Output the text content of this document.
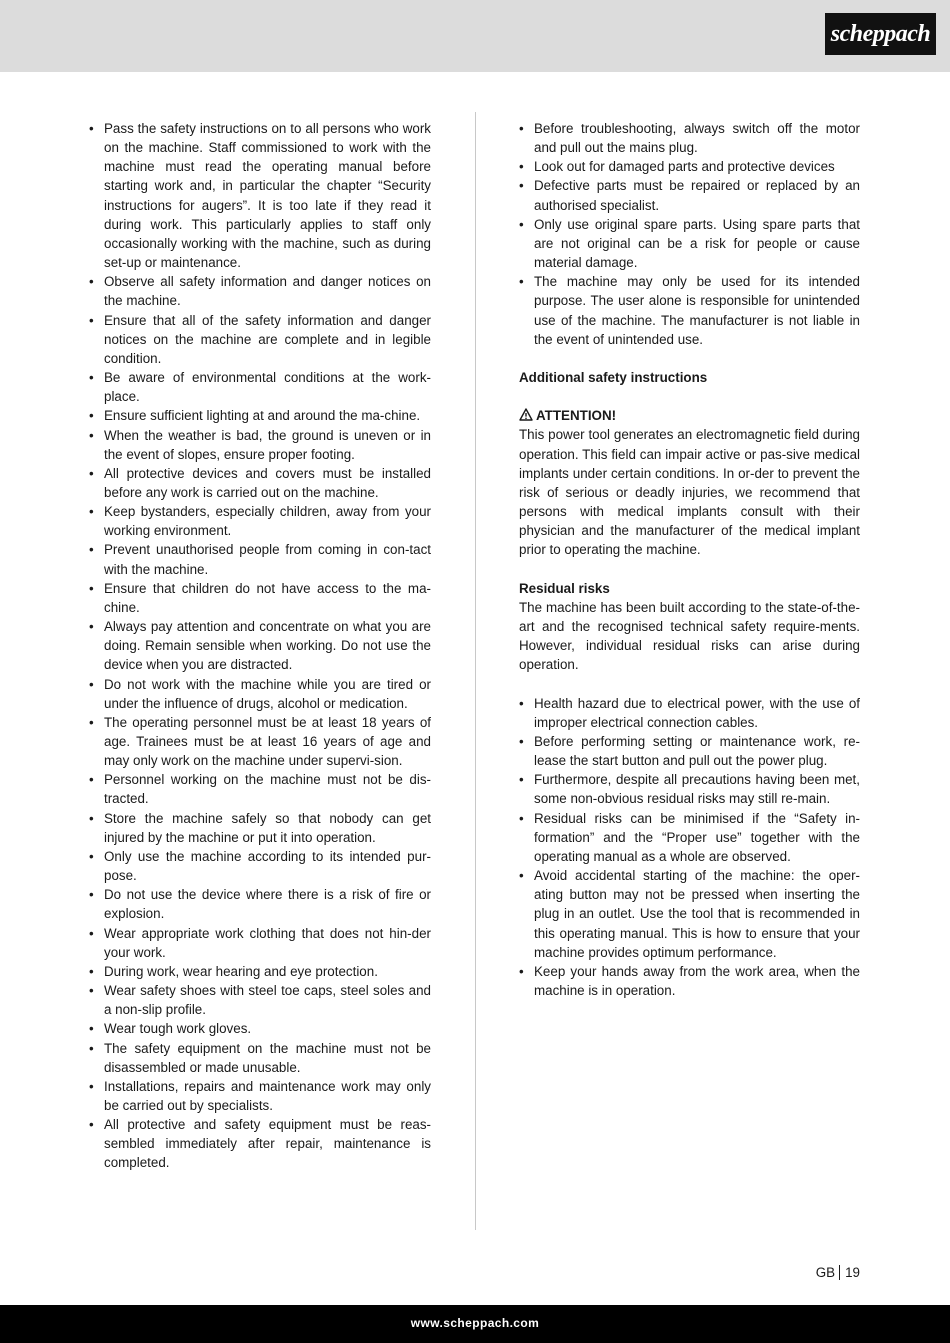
scheppach
• Pass the safety instructions on to all persons who work on the machine. Staff commissioned to work with the machine must read the operating manual before starting work and, in particular the chapter “Security instructions for augers”. It is too late if they read it during work. This particularly applies to staff only occasionally working with the machine, such as during set-up or maintenance.
• Observe all safety information and danger notices on the machine.
• Ensure that all of the safety information and danger notices on the machine are complete and in legible condition.
• Be aware of environmental conditions at the work-place.
• Ensure sufficient lighting at and around the ma-chine.
• When the weather is bad, the ground is uneven or in the event of slopes, ensure proper footing.
• All protective devices and covers must be installed before any work is carried out on the machine.
• Keep bystanders, especially children, away from your working environment.
• Prevent unauthorised people from coming in con-tact with the machine.
• Ensure that children do not have access to the ma-chine.
• Always pay attention and concentrate on what you are doing. Remain sensible when working. Do not use the device when you are distracted.
• Do not work with the machine while you are tired or under the influence of drugs, alcohol or medication.
• The operating personnel must be at least 18 years of age. Trainees must be at least 16 years of age and may only work on the machine under supervi-sion.
• Personnel working on the machine must not be dis-tracted.
• Store the machine safely so that nobody can get injured by the machine or put it into operation.
• Only use the machine according to its intended pur-pose.
• Do not use the device where there is a risk of fire or explosion.
• Wear appropriate work clothing that does not hin-der your work.
• During work, wear hearing and eye protection.
• Wear safety shoes with steel toe caps, steel soles and a non-slip profile.
• Wear tough work gloves.
• The safety equipment on the machine must not be disassembled or made unusable.
• Installations, repairs and maintenance work may only be carried out by specialists.
• All protective and safety equipment must be reas-sembled immediately after repair, maintenance is completed.
• Before troubleshooting, always switch off the motor and pull out the mains plug.
• Look out for damaged parts and protective devices
• Defective parts must be repaired or replaced by an authorised specialist.
• Only use original spare parts. Using spare parts that are not original can be a risk for people or cause material damage.
• The machine may only be used for its intended purpose. The user alone is responsible for unintended use of the machine. The manufacturer is not liable in the event of unintended use.
Additional safety instructions
ATTENTION!
This power tool generates an electromagnetic field during operation. This field can impair active or pas-sive medical implants under certain conditions. In or-der to prevent the risk of serious or deadly injuries, we recommend that persons with medical implants consult with their physician and the manufacturer of the medical implant prior to operating the machine.
Residual risks
The machine has been built according to the state-of-the-art and the recognised technical safety require-ments. However, individual residual risks can arise during operation.
• Health hazard due to electrical power, with the use of improper electrical connection cables.
• Before performing setting or maintenance work, re-lease the start button and pull out the power plug.
• Furthermore, despite all precautions having been met, some non-obvious residual risks may still re-main.
• Residual risks can be minimised if the “Safety in-formation” and the “Proper use” together with the operating manual as a whole are observed.
• Avoid accidental starting of the machine: the oper-ating button may not be pressed when inserting the plug in an outlet. Use the tool that is recommended in this operating manual. This is how to ensure that your machine provides optimum performance.
• Keep your hands away from the work area, when the machine is in operation.
GB 19
www.scheppach.com
